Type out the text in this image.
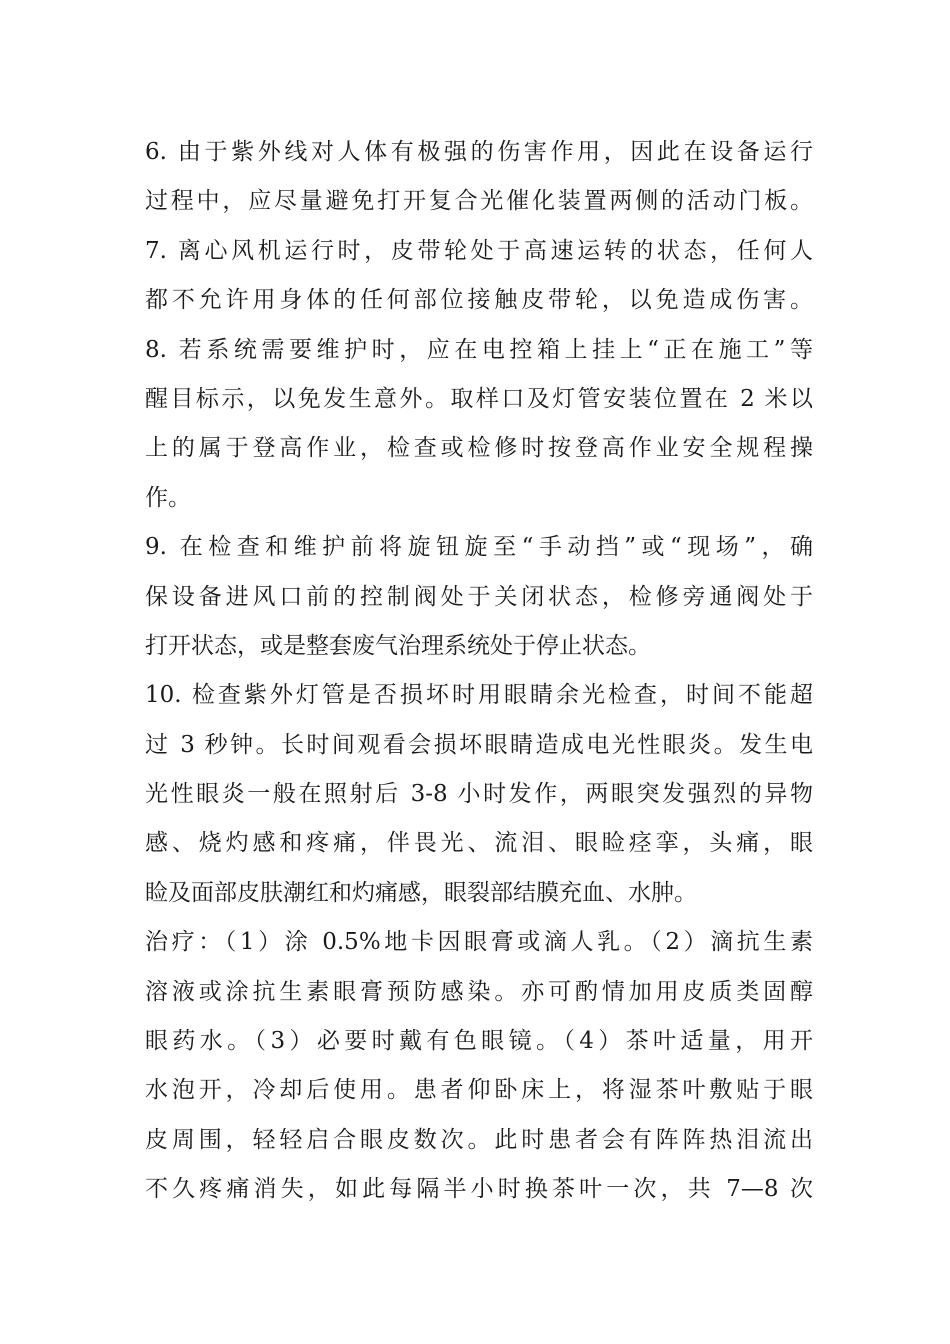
6. 由于紫外线对人体有极强的伤害作用，因此在设备运行
过程中，应尽量避免打开复合光催化装置两侧的活动门板。
7. 离心风机运行时，皮带轮处于高速运转的状态，任何人
都不允许用身体的任何部位接触皮带轮，以免造成伤害。
8. 若系统需要维护时，应在电控箱上挂上“正在施工”等
醒目标示，以免发生意外。取样口及灯管安装位置在 2 米以
上的属于登高作业，检查或检修时按登高作业安全规程操
作。
9. 在检查和维护前将旋钮旋至“手动挡”或“现场”，确
保设备进风口前的控制阀处于关闭状态，检修旁通阀处于
打开状态，或是整套废气治理系统处于停止状态。
10. 检查紫外灯管是否损坏时用眼睛余光检查，时间不能超
过 3 秒钟。长时间观看会损坏眼睛造成电光性眼炎。发生电
光性眼炎一般在照射后 3-8 小时发作，两眼突发强烈的异物
感、烧灼感和疼痛，伴畏光、流泪、眼睑痉挛，头痛，眼
睑及面部皮肤潮红和灼痛感，眼裂部结膜充血、水肿。
治疗：（1）涂 0.5%地卡因眼膏或滴人乳。（2）滴抗生素
溶液或涂抗生素眼膏预防感染。亦可酌情加用皮质类固醇
眼药水。（3）必要时戴有色眼镜。（4）茶叶适量，用开
水泡开，冷却后使用。患者仰卧床上，将湿茶叶敷贴于眼
皮周围，轻轻启合眼皮数次。此时患者会有阵阵热泪流出
不久疼痛消失，如此每隔半小时换茶叶一次，共 7—8 次
